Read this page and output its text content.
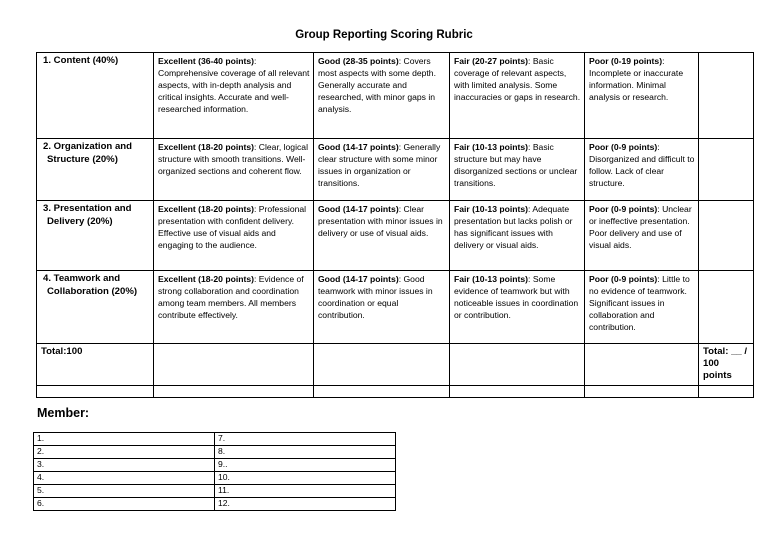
Group Reporting Scoring Rubric
1. Content (40%)	Excellent (36-40 points): Comprehensive coverage of all relevant aspects, with in-depth analysis and critical insights. Accurate and well-researched information.	Good (28-35 points): Covers most aspects with some depth. Generally accurate and researched, with minor gaps in analysis.	Fair (20-27 points): Basic coverage of relevant aspects, with limited analysis. Some inaccuracies or gaps in research.	Poor (0-19 points): Incomplete or inaccurate information. Minimal analysis or research.	

2. Organization and Structure (20%)	Excellent (18-20 points): Clear, logical structure with smooth transitions. Well-organized sections and coherent flow.	Good (14-17 points): Generally clear structure with some minor issues in organization or transitions.	Fair (10-13 points): Basic structure but may have disorganized sections or unclear transitions.	Poor (0-9 points): Disorganized and difficult to follow. Lack of clear structure.	

3. Presentation and Delivery (20%)	Excellent (18-20 points): Professional presentation with confident delivery. Effective use of visual aids and engaging to the audience.	Good (14-17 points): Clear presentation with minor issues in delivery or use of visual aids.	Fair (10-13 points): Adequate presentation but lacks polish or has significant issues with delivery or visual aids.	Poor (0-9 points): Unclear or ineffective presentation. Poor delivery and use of visual aids.	

4. Teamwork and Collaboration (20%)	Excellent (18-20 points): Evidence of strong collaboration and coordination among team members. All members contribute effectively.	Good (14-17 points): Good teamwork with minor issues in coordination or equal contribution.	Fair (10-13 points): Some evidence of teamwork but with noticeable issues in coordination or contribution.	Poor (0-9 points): Little to no evidence of teamwork. Significant issues in collaboration and contribution.	
Total:100					Total: __ / 100 points

Member:
1.	7.
2.	8.
3.	9..
4.	10.
5.	11.
6.	12.
